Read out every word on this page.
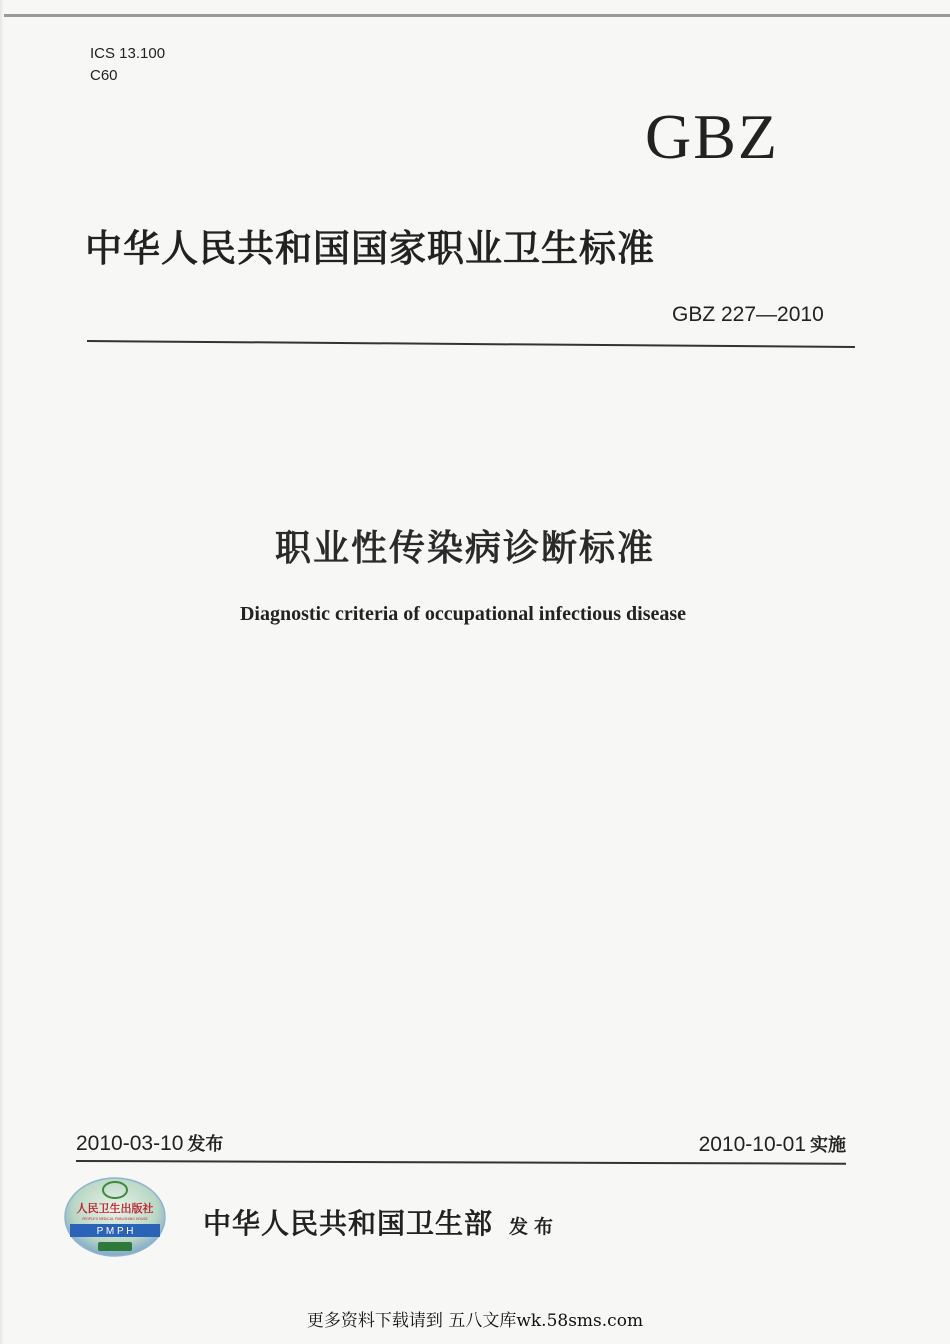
ICS 13.100
C60
GBZ
中华人民共和国国家职业卫生标准
GBZ 227—2010
职业性传染病诊断标准
Diagnostic criteria of occupational infectious disease
2010-03-10 发布	2010-10-01 实施
人民卫生出版社
PEOPLE'S MEDICAL PUBLISHING HOUSE
P M P H 中华人民共和国卫生部 发布
更多资料下载请到 五八文库wk.58sms.com
